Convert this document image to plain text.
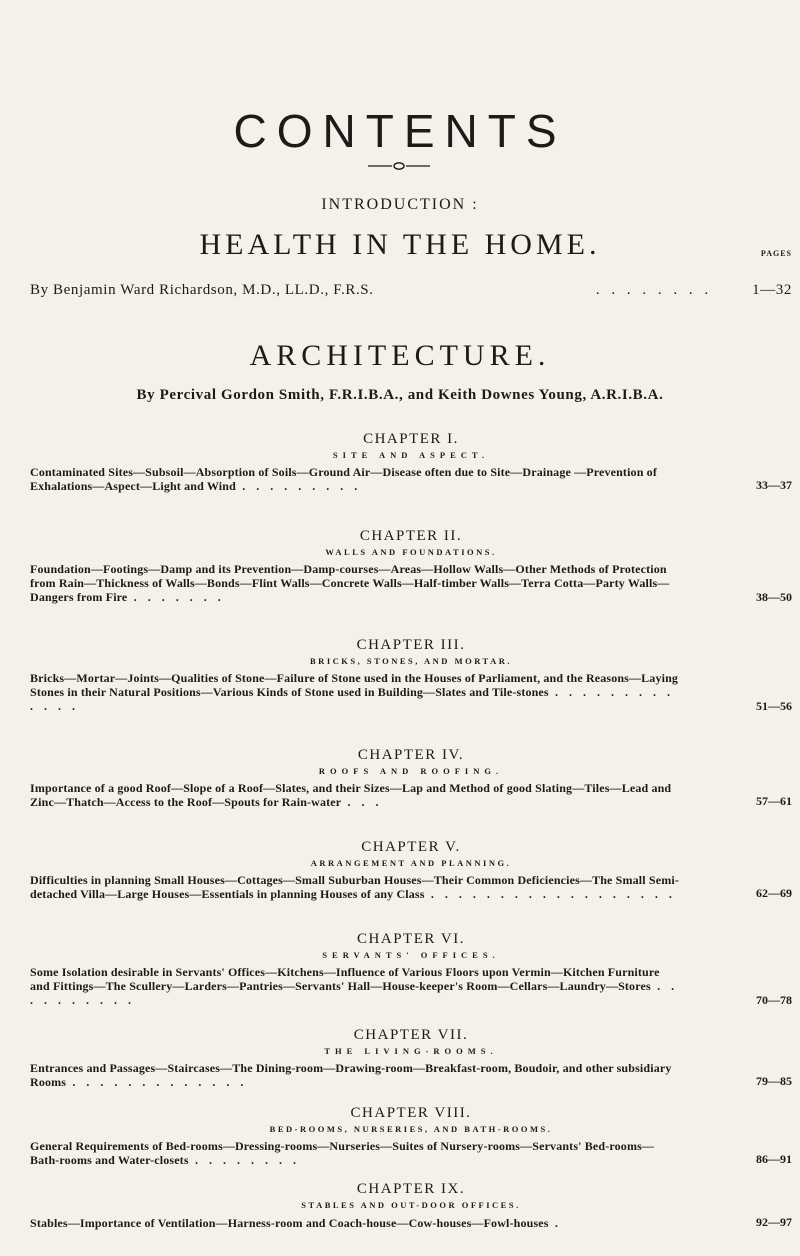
CONTENTS
INTRODUCTION :
HEALTH IN THE HOME.	PAGES
By Benjamin Ward Richardson, M.D., LL.D., F.R.S.	. . . . . . . .	1—32
ARCHITECTURE.
By Percival Gordon Smith, F.R.I.B.A., and Keith Downes Young, A.R.I.B.A.
CHAPTER I.
SITE AND ASPECT.
Contaminated Sites—Subsoil—Absorption of Soils—Ground Air—Disease often due to Site—Drainage —Prevention of Exhalations—Aspect—Light and Wind . . . . . . . . .	33—37
CHAPTER II.
WALLS AND FOUNDATIONS.
Foundation—Footings—Damp and its Prevention—Damp-courses—Areas—Hollow Walls—Other Methods of Protection from Rain—Thickness of Walls—Bonds—Flint Walls—Concrete Walls—Half-timber Walls—Terra Cotta—Party Walls—Dangers from Fire . . . . . . .	38—50
CHAPTER III.
BRICKS, STONES, AND MORTAR.
Bricks—Mortar—Joints—Qualities of Stone—Failure of Stone used in the Houses of Parliament, and the Reasons—Laying Stones in their Natural Positions—Various Kinds of Stone used in Building—Slates and Tile-stones . . . . . . . . . . . . .	51—56
CHAPTER IV.
ROOFS AND ROOFING.
Importance of a good Roof—Slope of a Roof—Slates, and their Sizes—Lap and Method of good Slating—Tiles—Lead and Zinc—Thatch—Access to the Roof—Spouts for Rain-water . . .	57—61
CHAPTER V.
ARRANGEMENT AND PLANNING.
Difficulties in planning Small Houses—Cottages—Small Suburban Houses—Their Common Deficiencies—The Small Semi-detached Villa—Large Houses—Essentials in planning Houses of any Class . . . . . . . . . . . . . . . . . .	62—69
CHAPTER VI.
SERVANTS' OFFICES.
Some Isolation desirable in Servants' Offices—Kitchens—Influence of Various Floors upon Vermin—Kitchen Furniture and Fittings—The Scullery—Larders—Pantries—Servants' Hall—House-keeper's Room—Cellars—Laundry—Stores . . . . . . . . . .	70—78
CHAPTER VII.
THE LIVING-ROOMS.
Entrances and Passages—Staircases—The Dining-room—Drawing-room—Breakfast-room, Boudoir, and other subsidiary Rooms . . . . . . . . . . . . .	79—85
CHAPTER VIII.
BED-ROOMS, NURSERIES, AND BATH-ROOMS.
General Requirements of Bed-rooms—Dressing-rooms—Nurseries—Suites of Nursery-rooms—Servants' Bed-rooms—Bath-rooms and Water-closets . . . . . . . .	86—91
CHAPTER IX.
STABLES AND OUT-DOOR OFFICES.
Stables—Importance of Ventilation—Harness-room and Coach-house—Cow-houses—Fowl-houses .	92—97
